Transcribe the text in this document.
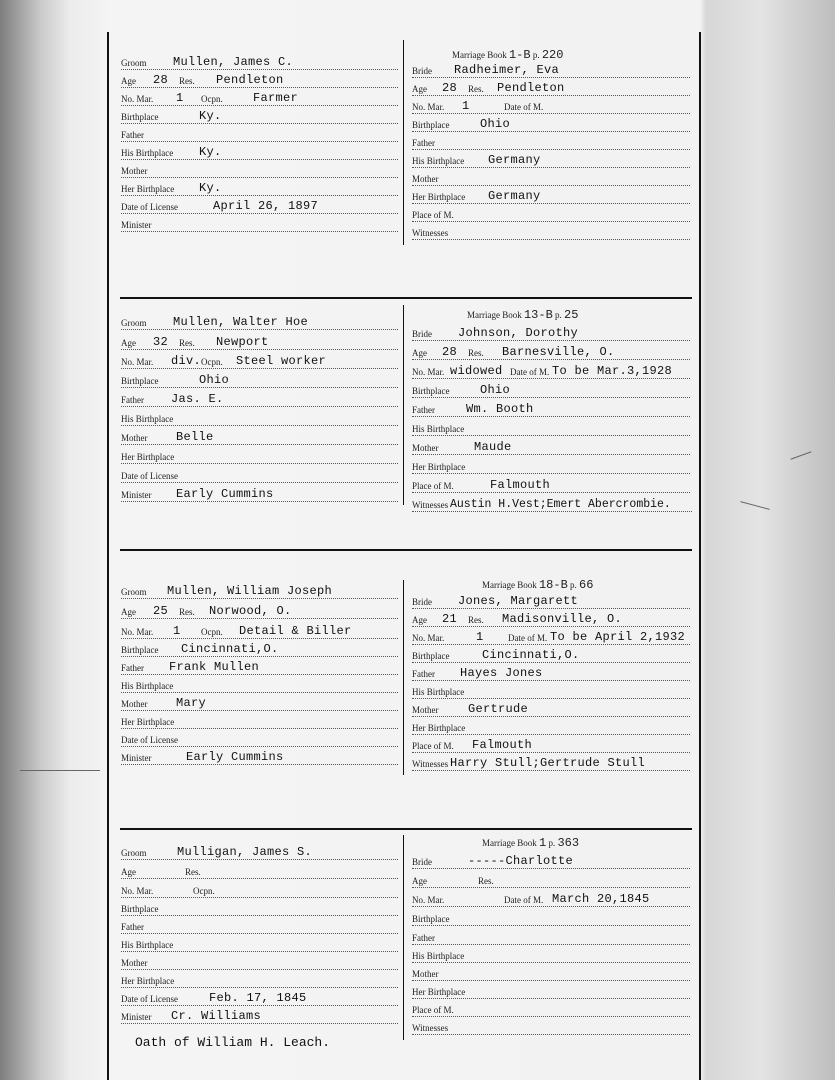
Groom Mullen, James C.
Age 28 Res. Pendleton
No. Mar. 1 Ocpn.	Farmer
Birthplace	Ky.
Father
His Birthplace Ky.
Mother
Her Birthplace Ky.
Date of License	April 26, 1897
Minister
Marriage Book 1-B p. 220
Bride Radheimer, Eva
Age 28 Res. Pendleton
No. Mar. 1	Date of M.
Birthplace	Ohio
Father
His Birthplace Germany
Mother
Her Birthplace Germany
Place of M.
Witnesses
Groom Mullen, Walter Hoe
Age 32 Res. Newport
No. Mar. div. Ocpn. Steel worker
Birthplace	Ohio
Father Jas. E.
His Birthplace
Mother Belle
Her Birthplace
Date of License
Minister Early Cummins
Marriage Book 13-B p. 25
Bride Johnson, Dorothy
Age 28 Res. Barnesville, O.
No. Mar. widowed Date of M. To be Mar.3,1928
Birthplace	Ohio
Father	Wm. Booth
His Birthplace
Mother	Maude
Her Birthplace
Place of M.	Falmouth
Witnesses Austin H.Vest;Emert Abercrombie.
Groom Mullen, William Joseph
Age 25 Res. Norwood, O.
No. Mar. 1 Ocpn. Detail & Biller
Birthplace Cincinnati,O.
Father Frank Mullen
His Birthplace
Mother Mary
Her Birthplace
Date of License
Minister	Early Cummins
Marriage Book 18-B p. 66
Bride Jones, Margarett
Age 21 Res. Madisonville, O.
No. Mar.	1	Date of M. To be April 2,1932
Birthplace	Cincinnati,O.
Father Hayes Jones
His Birthplace
Mother Gertrude
Her Birthplace
Place of M. Falmouth
Witnesses Harry Stull;Gertrude Stull
Groom	Mulligan, James S.
Age	Res.
No. Mar.	Ocpn.
Birthplace
Father
His Birthplace
Mother
Her Birthplace
Date of License	Feb. 17, 1845
Minister Cr. Williams
Oath of William H. Leach.
Marriage Book 1 p. 363
Bride	-----Charlotte
Age	Res.
No. Mar.	Date of M. March 20,1845
Birthplace
Father
His Birthplace
Mother
Her Birthplace
Place of M.
Witnesses
